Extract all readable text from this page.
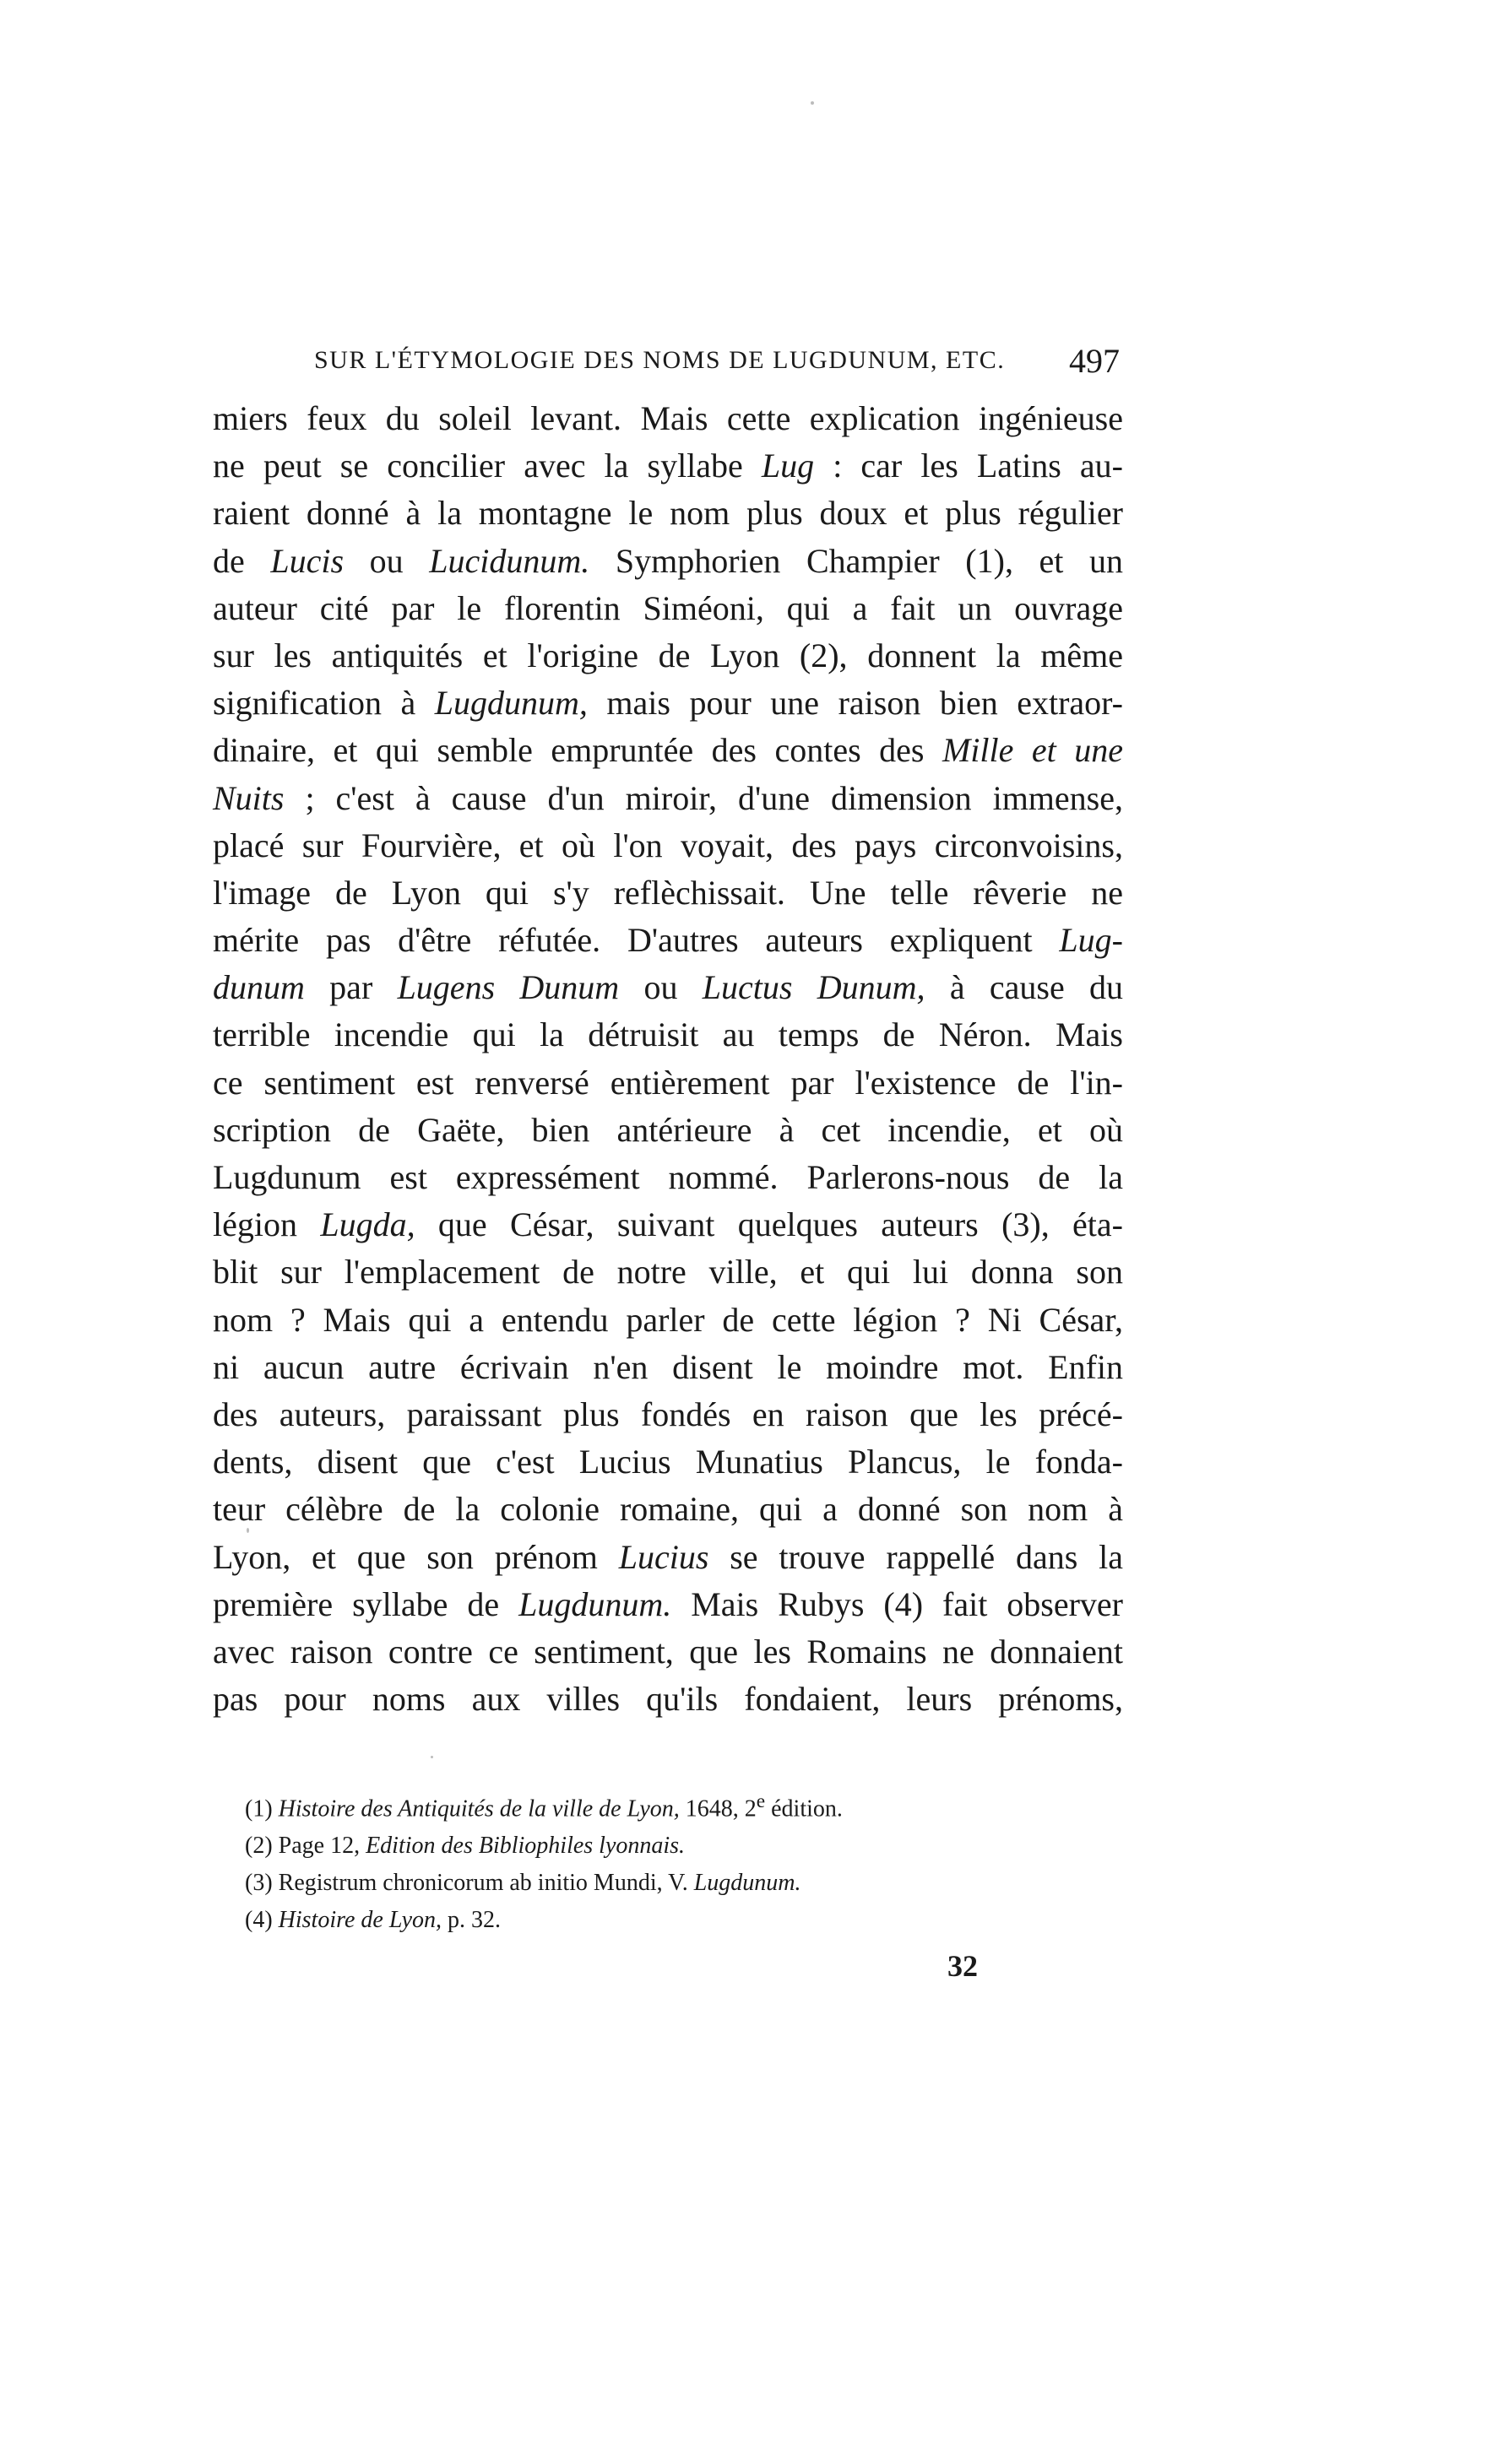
SUR L'ÉTYMOLOGIE DES NOMS DE LUGDUNUM, ETC. 497
miers feux du soleil levant. Mais cette explication ingénieuse
ne peut se concilier avec la syllabe Lug : car les Latins au-
raient donné à la montagne le nom plus doux et plus régulier
de Lucis ou Lucidunum. Symphorien Champier (1), et un
auteur cité par le florentin Siméoni, qui a fait un ouvrage
sur les antiquités et l'origine de Lyon (2), donnent la même
signification à Lugdunum, mais pour une raison bien extraor-
dinaire, et qui semble empruntée des contes des Mille et une
Nuits ; c'est à cause d'un miroir, d'une dimension immense,
placé sur Fourvière, et où l'on voyait, des pays circonvoisins,
l'image de Lyon qui s'y reflèchissait. Une telle rêverie ne
mérite pas d'être réfutée. D'autres auteurs expliquent Lug-
dunum par Lugens Dunum ou Luctus Dunum, à cause du
terrible incendie qui la détruisit au temps de Néron. Mais
ce sentiment est renversé entièrement par l'existence de l'in-
scription de Gaëte, bien antérieure à cet incendie, et où
Lugdunum est expressément nommé. Parlerons-nous de la
légion Lugda, que César, suivant quelques auteurs (3), éta-
blit sur l'emplacement de notre ville, et qui lui donna son
nom ? Mais qui a entendu parler de cette légion ? Ni César,
ni aucun autre écrivain n'en disent le moindre mot. Enfin
des auteurs, paraissant plus fondés en raison que les précé-
dents, disent que c'est Lucius Munatius Plancus, le fonda-
teur célèbre de la colonie romaine, qui a donné son nom à
Lyon, et que son prénom Lucius se trouve rappellé dans la
première syllabe de Lugdunum. Mais Rubys (4) fait observer
avec raison contre ce sentiment, que les Romains ne donnaient
pas pour noms aux villes qu'ils fondaient, leurs prénoms,
(1) Histoire des Antiquités de la ville de Lyon, 1648, 2e édition.
(2) Page 12, Edition des Bibliophiles lyonnais.
(3) Registrum chronicorum ab initio Mundi, V. Lugdunum.
(4) Histoire de Lyon, p. 32.
32
